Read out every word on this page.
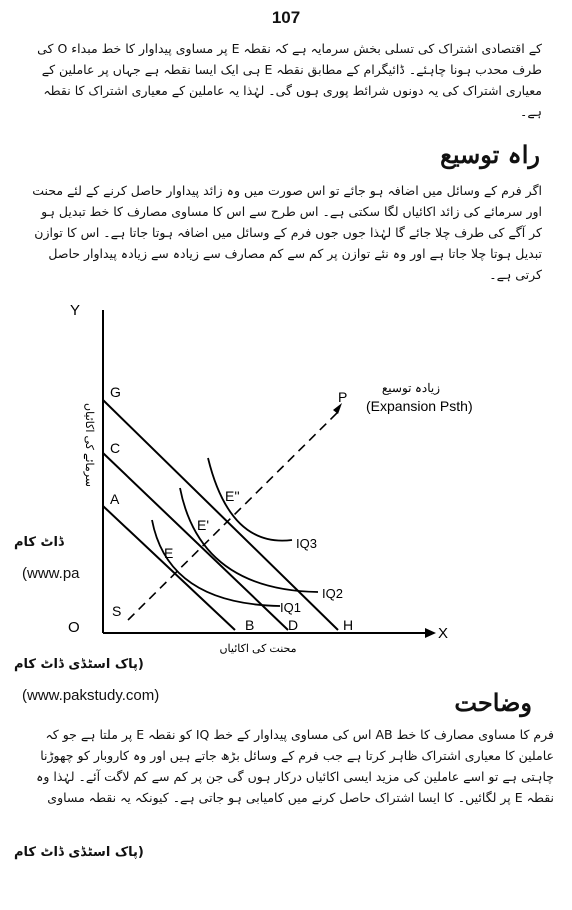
107
کے اقتصادی اشتراک کی تسلی بخش سرمایہ ہے کہ نقطہ E پر مساوی پیداوار کا خط مبداء O کی طرف محدب ہونا چاہئے۔ ڈائیگرام کے مطابق نقطہ E ہی ایک ایسا نقطہ ہے جہاں پر عاملین کے معیاری اشتراک کی یہ دونوں شرائط پوری ہوں گی۔ لہٰذا یہ عاملین کے معیاری اشتراک کا نقطہ ہے۔
راہ توسیع
اگر فرم کے وسائل میں اضافہ ہو جائے تو اس صورت میں وہ زائد پیداوار حاصل کرنے کے لئے محنت اور سرمائے کی زائد اکائیاں لگا سکتی ہے۔ اس طرح سے اس کا مساوی مصارف کا خط تبدیل ہو کر آگے کی طرف چلا جائے گا لہٰذا جوں جوں فرم کے وسائل میں اضافہ ہوتا جاتا ہے۔ اس کا توازن تبدیل ہوتا چلا جاتا ہے اور وہ نئے توازن پر کم سے کم مصارف سے زیادہ سے زیادہ پیداوار حاصل کرتی ہے۔
Y
X
O
G
C
A
S
B D	H
E
E'
E''
IQ3
IQ2
IQ1
P
زیادہ توسیع
(Expansion Psth)
سرمائے کی اکائیاں
محنت کی اکائیاں
ڈاٹ کام
(www.pa
(پاک اسٹڈی ڈاٹ کام
(www.pakstudy.com)	وضاحت
فرم کا مساوی مصارف کا خط AB اس کی مساوی پیداوار کے خط IQ کو نقطہ E پر ملتا ہے جو کہ عاملین کا معیاری اشتراک ظاہر کرتا ہے جب فرم کے وسائل بڑھ جاتے ہیں اور وہ کاروبار کو چھوڑنا چاہتی ہے تو اسے عاملین کی مزید ایسی اکائیاں درکار ہوں گی جن پر کم سے کم لاگت آئے۔ لہٰذا وہ نقطہ E پر لگائیں۔ کا ایسا اشتراک حاصل کرنے میں کامیابی ہو جاتی ہے۔ کیونکہ یہ نقطہ مساوی
(پاک اسٹڈی ڈاٹ کام
